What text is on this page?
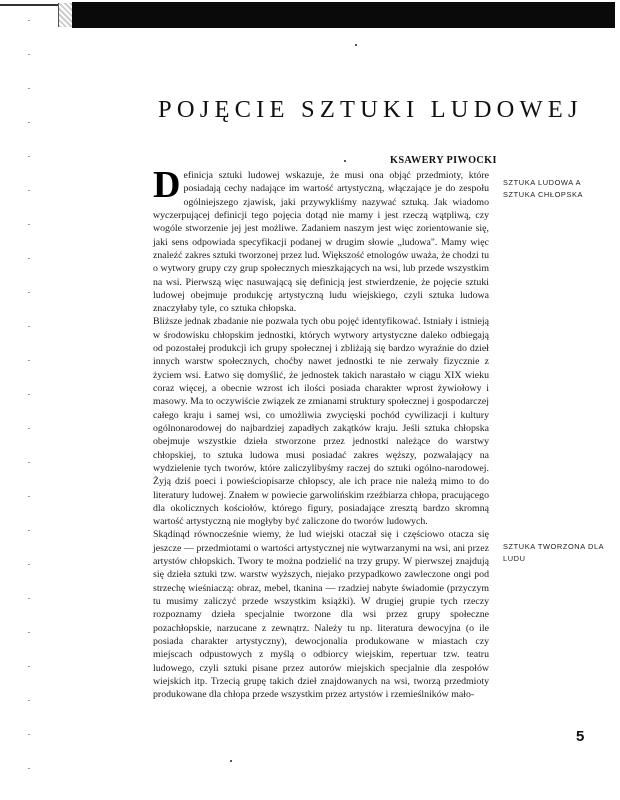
POJĘCIE SZTUKI LUDOWEJ
KSAWERY PIWOCKI

Definicja sztuki ludowej wskazuje, że musi ona objąć przedmioty, które posiadają cechy nadające im wartość artystyczną, włączające je do zespołu ogólniejszego zjawisk, jaki przywykliśmy nazywać sztuką. Jak wiadomo wyczerpującej definicji tego pojęcia dotąd nie mamy i jest rzeczą wątpliwą, czy wogóle stworzenie jej jest możliwe. Zadaniem naszym jest więc zorientowanie się, jaki sens odpowiada specyfikacji podanej w drugim słowie „ludowa". Mamy więc znaleźć zakres sztuki tworzonej przez lud. Większość etnologów uważa, że chodzi tu o wytwory grupy czy grup społecznych mieszkających na wsi, lub przede wszystkim na wsi. Pierwszą więc nasuwającą się definicją jest stwierdzenie, że pojęcie sztuki ludowej obejmuje produkcję artystyczną ludu wiejskiego, czyli sztuka ludowa znaczyłaby tyle, co sztuka chłopska.

Bliższe jednak zbadanie nie pozwala tych obu pojęć identyfikować. Istniały i istnieją w środowisku chłopskim jednostki, których wytwory artystyczne daleko odbiegają od pozostałej produkcji ich grupy społecznej i zbliżają się bardzo wyraźnie do dzieł innych warstw społecznych, choćby nawet jednostki te nie zerwały fizycznie z życiem wsi. Łatwo się domyślić, że jednostek takich narastało w ciągu XIX wieku coraz więcej, a obecnie wzrost ich ilości posiada charakter wprost żywiołowy i masowy. Ma to oczywiście związek ze zmianami struktury społecznej i gospodarczej całego kraju i samej wsi, co umożliwia zwycięski pochód cywilizacji i kultury ogólnonarodowej do najbardziej zapadłych zakątków kraju. Jeśli sztuka chłopska obejmuje wszystkie dzieła stworzone przez jednostki należące do warstwy chłopskiej, to sztuka ludowa musi posiadać zakres węższy, pozwalający na wydzielenie tych tworów, które zaliczylibyśmy raczej do sztuki ogólno-narodowej. Żyją dziś poeci i powieściopisarze chłopscy, ale ich prace nie należą mimo to do literatury ludowej. Znałem w powiecie garwolińskim rzeźbiarza chłopa, pracującego dla okolicznych kościołów, którego figury, posiadające zresztą bardzo skromną wartość artystyczną nie mogłyby być zaliczone do tworów ludowych.

Skądinąd równocześnie wiemy, że lud wiejski otaczał się i częściowo otacza się jeszcze — przedmiotami o wartości artystycznej nie wytwarzanymi na wsi, ani przez artystów chłopskich. Twory te można podzielić na trzy grupy. W pierwszej znajdują się dzieła sztuki tzw. warstw wyższych, niejako przypadkowo zawleczone ongi pod strzechę wieśniaczą: obraz, mebel, tkanina — rzadziej nabyte świadomie (przyczym tu musimy zaliczyć przede wszystkim książki). W drugiej grupie tych rzeczy rozpoznamy dzieła specjalnie tworzone dla wsi przez grupy społeczne pozachłopskie, narzucane z zewnątrz. Należy tu np. literatura dewocyjna (o ile posiada charakter artystyczny), dewocjonalia produkowane w miastach czy miejscach odpustowych z myślą o odbiorcy wiejskim, repertuar tzw. teatru ludowego, czyli sztuki pisane przez autorów miejskich specjalnie dla zespołów wiejskich itp. Trzecią grupę takich dzieł znajdowanych na wsi, tworzą przedmioty produkowane dla chłopa przede wszystkim przez artystów i rzemieślników mało-

SZTUKA LUDOWA A SZTUKA CHŁOPSKA
SZTUKA TWORZONA DLA LUDU
5
